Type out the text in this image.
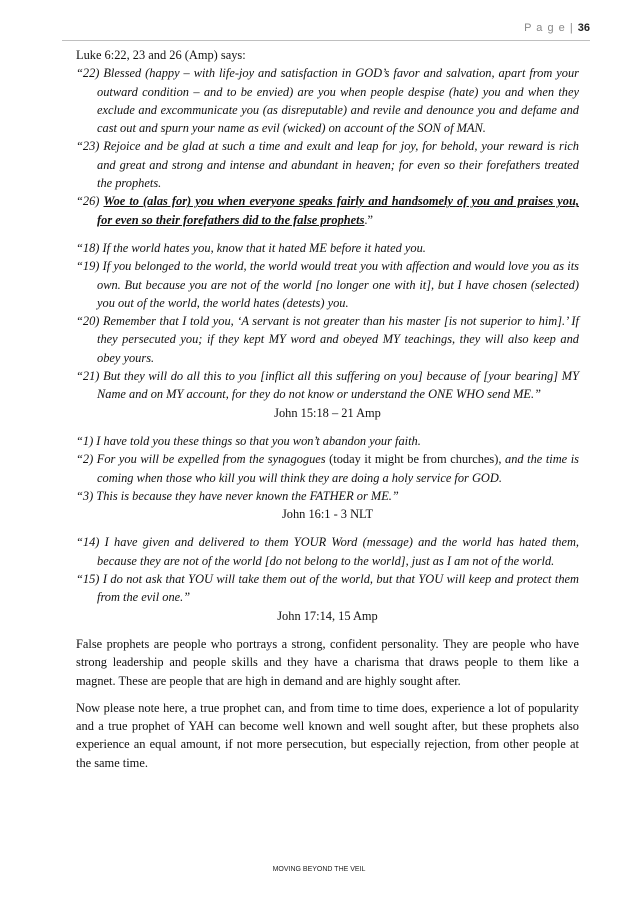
P a g e | 36

Luke 6:22, 23 and 26 (Amp) says:

“22) Blessed (happy – with life-joy and satisfaction in GOD’s favor and salvation, apart from your outward condition – and to be envied) are you when people despise (hate) you and when they exclude and excommunicate you (as disreputable) and revile and denounce you and defame and cast out and spurn your name as evil (wicked) on account of the SON of MAN.

“23) Rejoice and be glad at such a time and exult and leap for joy, for behold, your reward is rich and great and strong and intense and abundant in heaven; for even so their forefathers treated the prophets.

“26) Woe to (alas for) you when everyone speaks fairly and handsomely of you and praises you, for even so their forefathers did to the false prophets.”

“18) If the world hates you, know that it hated ME before it hated you.

“19) If you belonged to the world, the world would treat you with affection and would love you as its own. But because you are not of the world [no longer one with it], but I have chosen (selected) you out of the world, the world hates (detests) you.

“20) Remember that I told you, ‘A servant is not greater than his master [is not superior to him].’ If they persecuted you; if they kept MY word and obeyed MY teachings, they will also keep and obey yours.

“21) But they will do all this to you [inflict all this suffering on you] because of [your bearing] MY Name and on MY account, for they do not know or understand the ONE WHO send ME.”

John 15:18 – 21 Amp

“1) I have told you these things so that you won’t abandon your faith.

“2) For you will be expelled from the synagogues (today it might be from churches), and the time is coming when those who kill you will think they are doing a holy service for GOD.

“3) This is because they have never known the FATHER or ME.”

John 16:1 - 3 NLT

“14) I have given and delivered to them YOUR Word (message) and the world has hated them, because they are not of the world [do not belong to the world], just as I am not of the world.

“15) I do not ask that YOU will take them out of the world, but that YOU will keep and protect them from the evil one.”

John 17:14, 15 Amp

False prophets are people who portrays a strong, confident personality. They are people who have strong leadership and people skills and they have a charisma that draws people to them like a magnet. These are people that are high in demand and are highly sought after.

Now please note here, a true prophet can, and from time to time does, experience a lot of popularity and a true prophet of YAH can become well known and well sought after, but these prophets also experience an equal amount, if not more persecution, but especially rejection, from other people at the same time.

MOVING BEYOND THE VEIL
